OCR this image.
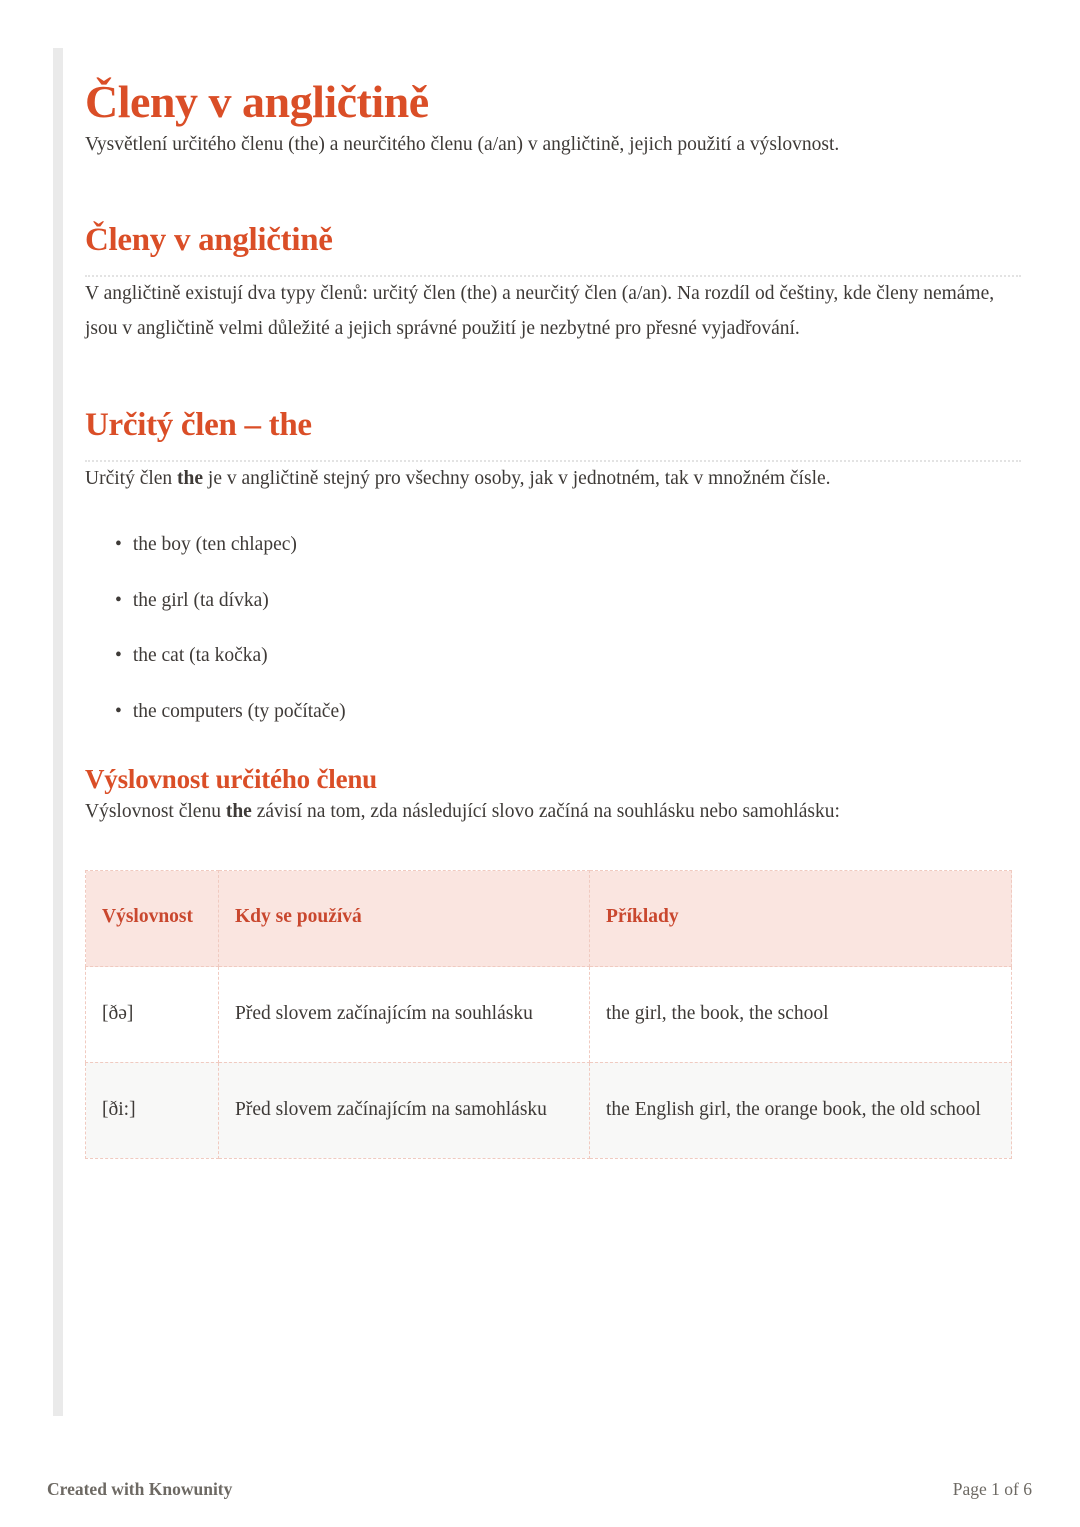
Členy v angličtině

Vysvětlení určitého členu (the) a neurčitého členu (a/an) v angličtině, jejich použití a výslovnost.

Členy v angličtině

V angličtině existují dva typy členů: určitý člen (the) a neurčitý člen (a/an). Na rozdíl od češtiny, kde členy nemáme, jsou v angličtině velmi důležité a jejich správné použití je nezbytné pro přesné vyjadřování.

Určitý člen – the

Určitý člen the je v angličtině stejný pro všechny osoby, jak v jednotném, tak v množném čísle.

• the boy (ten chlapec)
• the girl (ta dívka)
• the cat (ta kočka)
• the computers (ty počítače)
Výslovnost určitého členu

Výslovnost členu the závisí na tom, zda následující slovo začíná na souhlásku nebo samohlásku:

Výslovnost	Kdy se používá	Příklady
[ðə]	Před slovem začínajícím na souhlásku	the girl, the book, the school
[ði:]	Před slovem začínajícím na samohlásku	the English girl, the orange book, the old school
Created with Knowunity	Page 1 of 6
